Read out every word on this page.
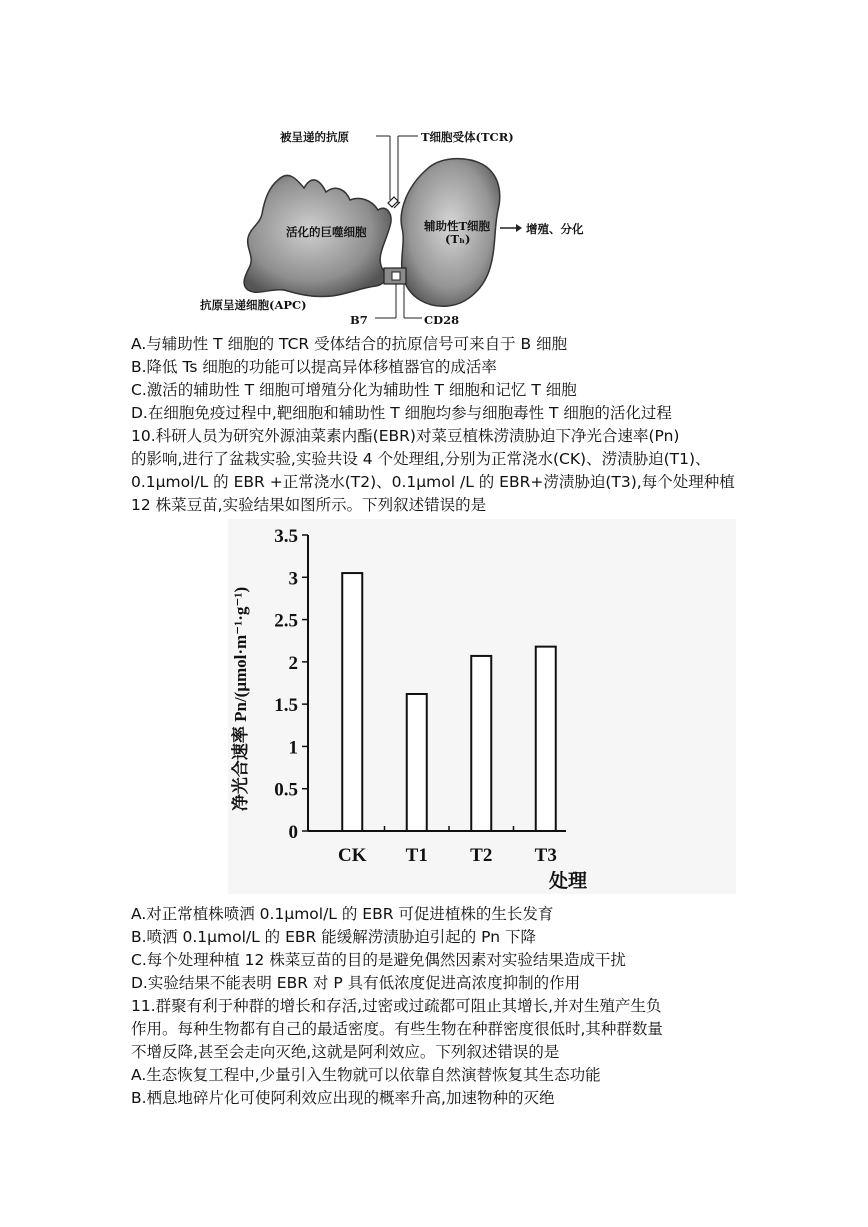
被呈递的抗原	T细胞受体(TCR)
活化的巨噬细胞	辅助性T细胞
(Tₕ)
增殖、分化
抗原呈递细胞(APC)
B7	CD28
A.与辅助性 T 细胞的 TCR 受体结合的抗原信号可来自于 B 细胞
B.降低 Ts 细胞的功能可以提高异体移植器官的成活率
C.激活的辅助性 T 细胞可增殖分化为辅助性 T 细胞和记忆 T 细胞
D.在细胞免疫过程中,靶细胞和辅助性 T 细胞均参与细胞毒性 T 细胞的活化过程
10.科研人员为研究外源油菜素内酯(EBR)对菜豆植株涝渍胁迫下净光合速率(Pn)
的影响,进行了盆栽实验,实验共设 4 个处理组,分别为正常浇水(CK)、涝渍胁迫(T1)、
0.1μmol/L 的 EBR +正常浇水(T2)、0.1μmol /L 的 EBR+涝渍胁迫(T3),每个处理种植
12 株菜豆苗,实验结果如图所示。下列叙述错误的是
净光合速率 Pn/(μmol·m⁻¹·g⁻¹)
处理
0
0.5
1
1.5
2
2.5
3
3.5
CK T1 T2 T3
A.对正常植株喷洒 0.1μmol/L 的 EBR 可促进植株的生长发育
B.喷洒 0.1μmol/L 的 EBR 能缓解涝渍胁迫引起的 Pn 下降
C.每个处理种植 12 株菜豆苗的目的是避免偶然因素对实验结果造成干扰
D.实验结果不能表明 EBR 对 P 具有低浓度促进高浓度抑制的作用
11.群聚有利于种群的增长和存活,过密或过疏都可阻止其增长,并对生殖产生负
作用。每种生物都有自己的最适密度。有些生物在种群密度很低时,其种群数量
不增反降,甚至会走向灭绝,这就是阿利效应。下列叙述错误的是
A.生态恢复工程中,少量引入生物就可以依靠自然演替恢复其生态功能
B.栖息地碎片化可使阿利效应出现的概率升高,加速物种的灭绝
